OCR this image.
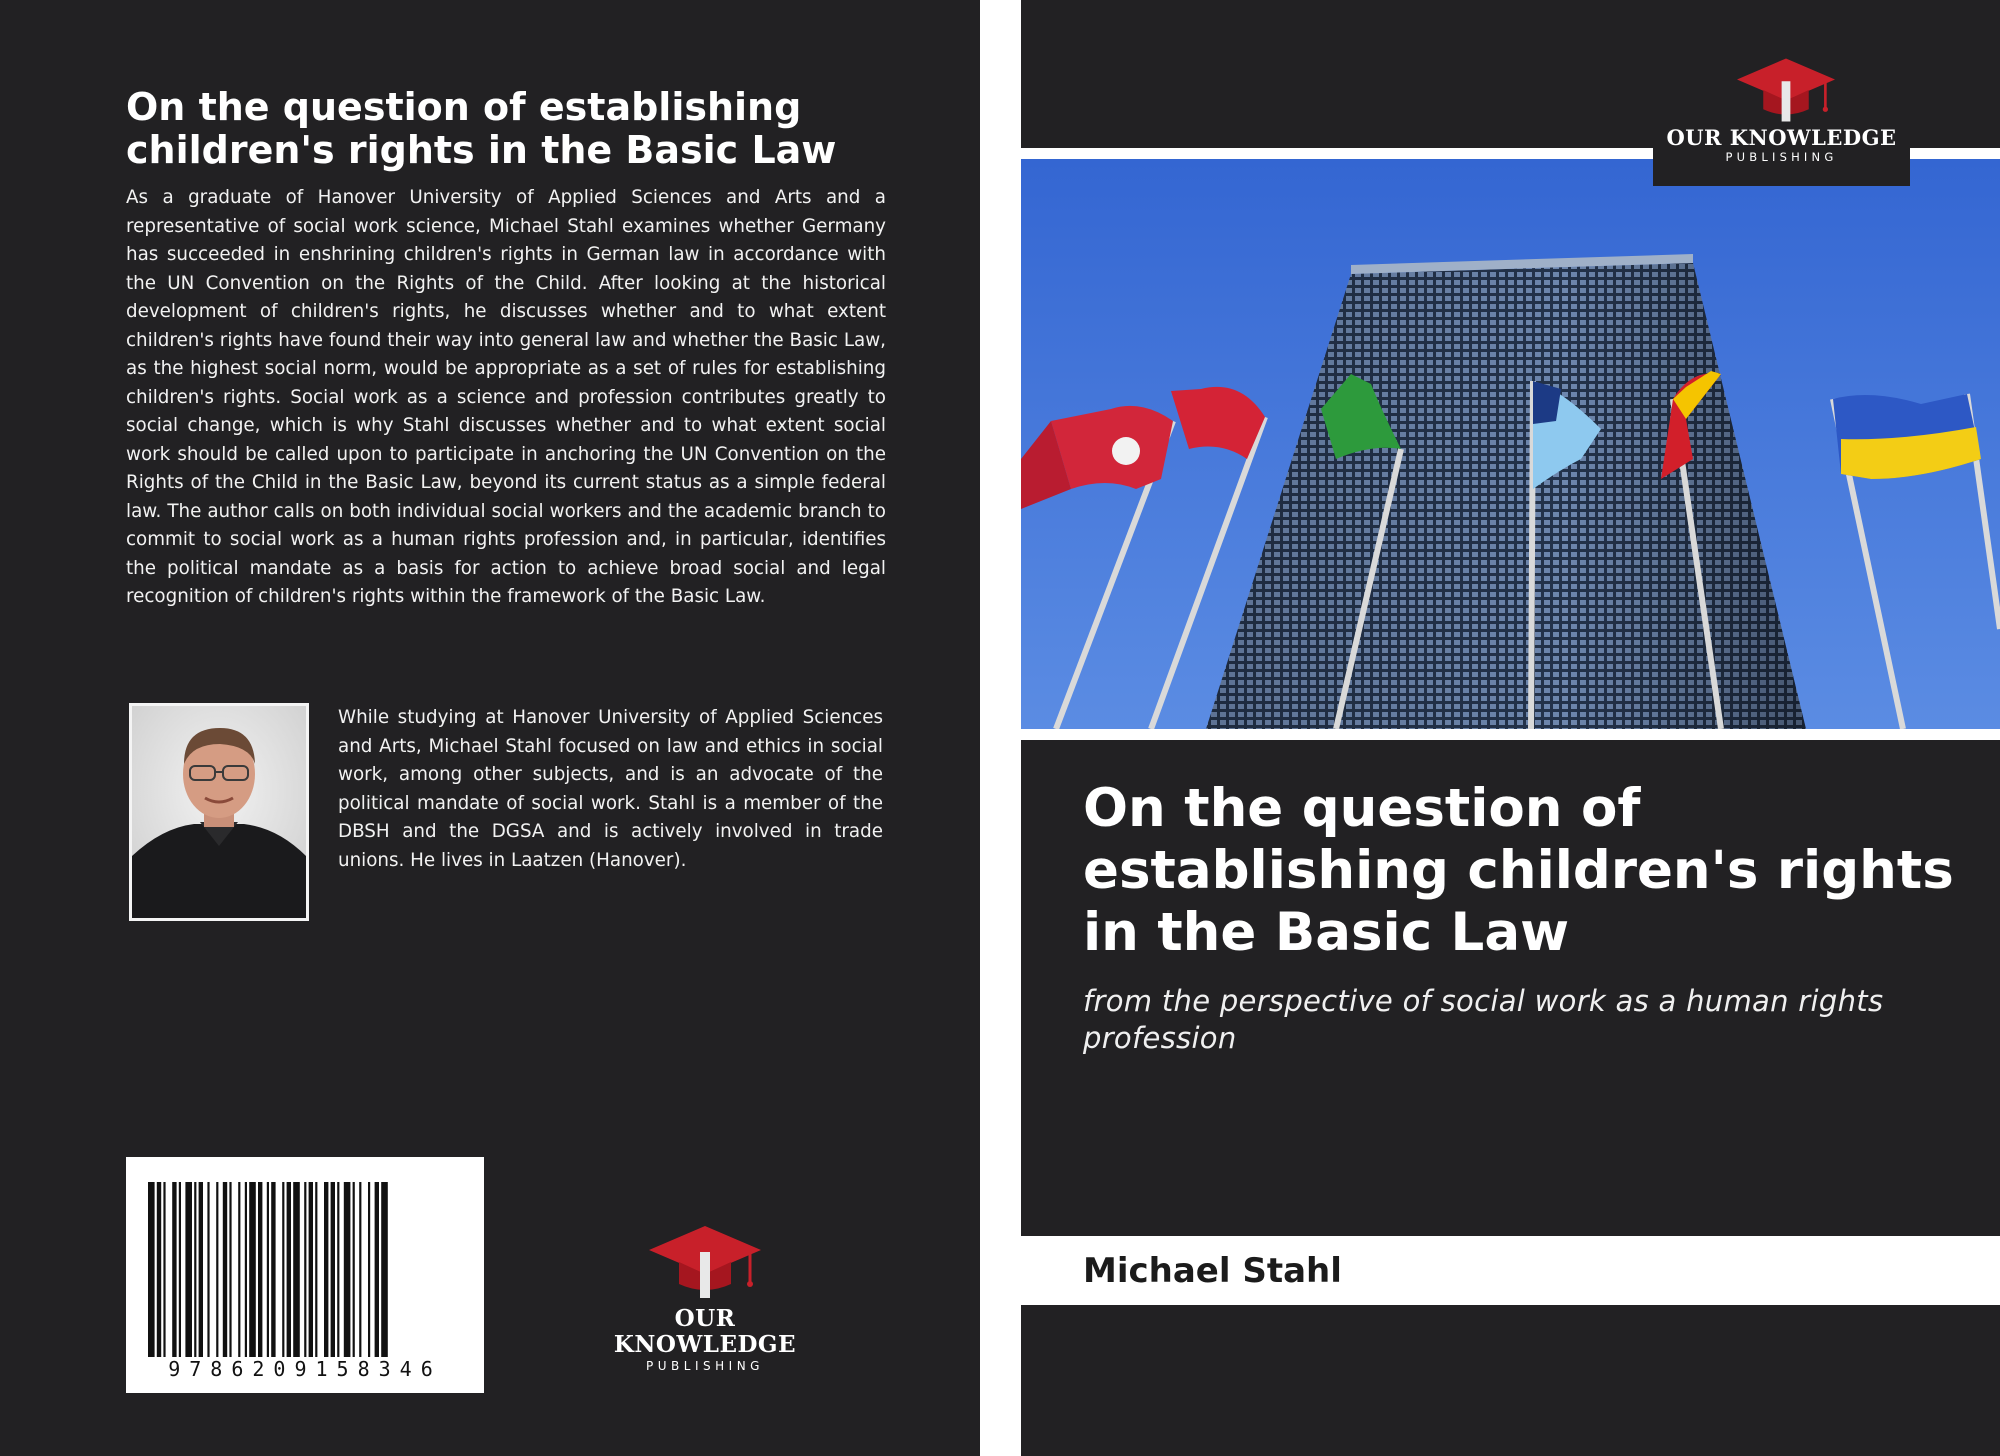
On the question of establishing children's rights in the Basic Law

As a graduate of Hanover University of Applied Sciences and Arts and a representative of social work science, Michael Stahl examines whether Germany has succeeded in enshrining children's rights in German law in accordance with the UN Convention on the Rights of the Child. After looking at the historical development of children's rights, he discusses whether and to what extent children's rights have found their way into general law and whether the Basic Law, as the highest social norm, would be appropriate as a set of rules for establishing children's rights. Social work as a science and profession contributes greatly to social change, which is why Stahl discusses whether and to what extent social work should be called upon to participate in anchoring the UN Convention on the Rights of the Child in the Basic Law, beyond its current status as a simple federal law. The author calls on both individual social workers and the academic branch to commit to social work as a human rights profession and, in particular, identifies the political mandate as a basis for action to achieve broad social and legal recognition of children's rights within the framework of the Basic Law.

While studying at Hanover University of Applied Sciences and Arts, Michael Stahl focused on law and ethics in social work, among other subjects, and is an advocate of the political mandate of social work. Stahl is a member of the DBSH and the DGSA and is actively involved in trade unions. He lives in Laatzen (Hanover).

9786209158346
OUR KNOWLEDGE
PUBLISHING
OUR KNOWLEDGE
PUBLISHING
On the question of establishing children's rights in the Basic Law
from the perspective of social work as a human rights profession

Michael Stahl
